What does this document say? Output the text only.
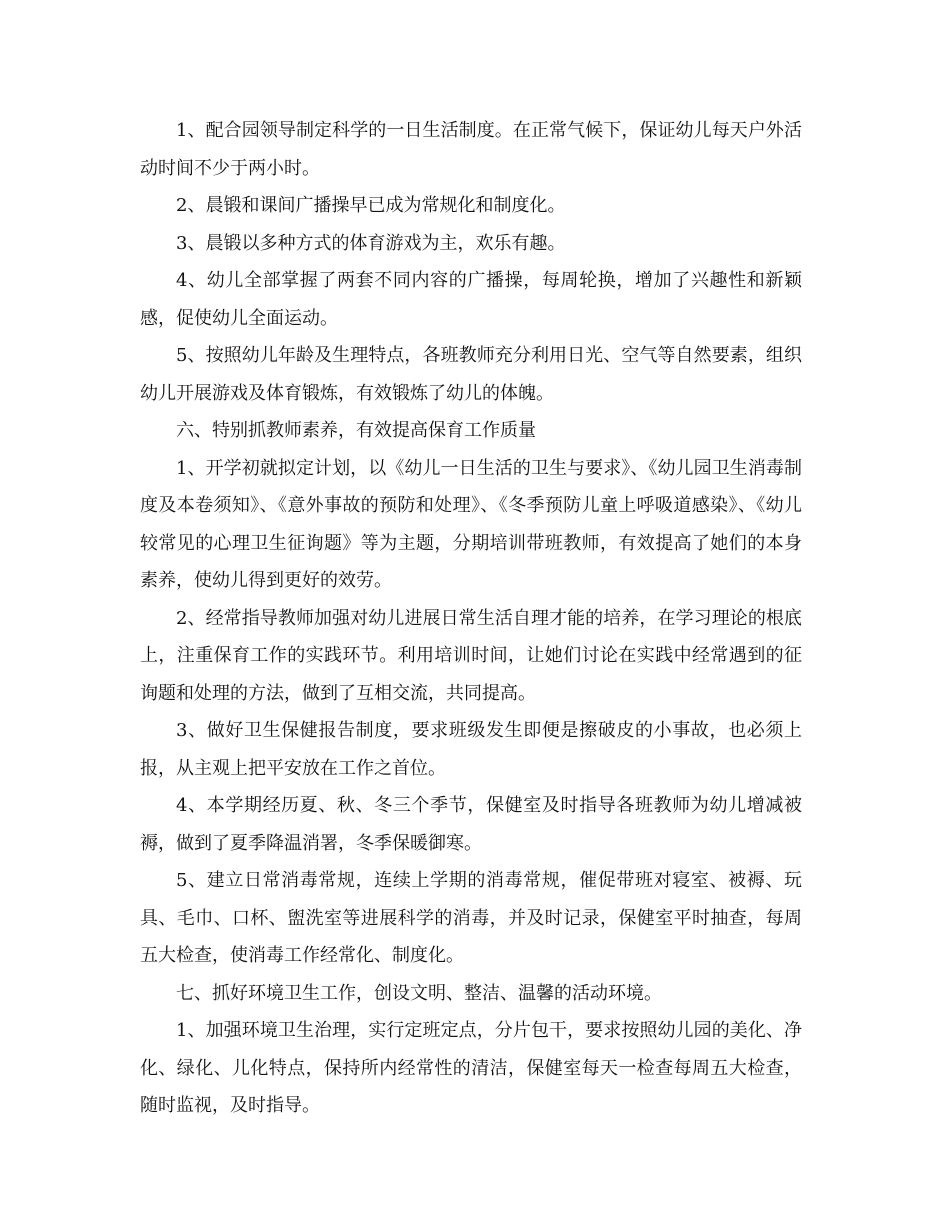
1、配合园领导制定科学的一日生活制度。在正常气候下，保证幼儿每天户外活动时间不少于两小时。

2、晨锻和课间广播操早已成为常规化和制度化。

3、晨锻以多种方式的体育游戏为主，欢乐有趣。

4、幼儿全部掌握了两套不同内容的广播操，每周轮换，增加了兴趣性和新颖感，促使幼儿全面运动。

5、按照幼儿年龄及生理特点，各班教师充分利用日光、空气等自然要素，组织幼儿开展游戏及体育锻炼，有效锻炼了幼儿的体魄。

六、特别抓教师素养，有效提高保育工作质量

1、开学初就拟定计划，以《幼儿一日生活的卫生与要求》、《幼儿园卫生消毒制度及本卷须知》、《意外事故的预防和处理》、《冬季预防儿童上呼吸道感染》、《幼儿较常见的心理卫生征询题》等为主题，分期培训带班教师，有效提高了她们的本身素养，使幼儿得到更好的效劳。

2、经常指导教师加强对幼儿进展日常生活自理才能的培养，在学习理论的根底上，注重保育工作的实践环节。利用培训时间，让她们讨论在实践中经常遇到的征询题和处理的方法，做到了互相交流，共同提高。

3、做好卫生保健报告制度，要求班级发生即便是擦破皮的小事故，也必须上报，从主观上把平安放在工作之首位。

4、本学期经历夏、秋、冬三个季节，保健室及时指导各班教师为幼儿增减被褥，做到了夏季降温消署，冬季保暖御寒。

5、建立日常消毒常规，连续上学期的消毒常规，催促带班对寝室、被褥、玩具、毛巾、口杯、盥洗室等进展科学的消毒，并及时记录，保健室平时抽查，每周五大检查，使消毒工作经常化、制度化。

七、抓好环境卫生工作，创设文明、整洁、温馨的活动环境。

1、加强环境卫生治理，实行定班定点，分片包干，要求按照幼儿园的美化、净化、绿化、儿化特点，保持所内经常性的清洁，保健室每天一检查每周五大检查，随时监视，及时指导。
